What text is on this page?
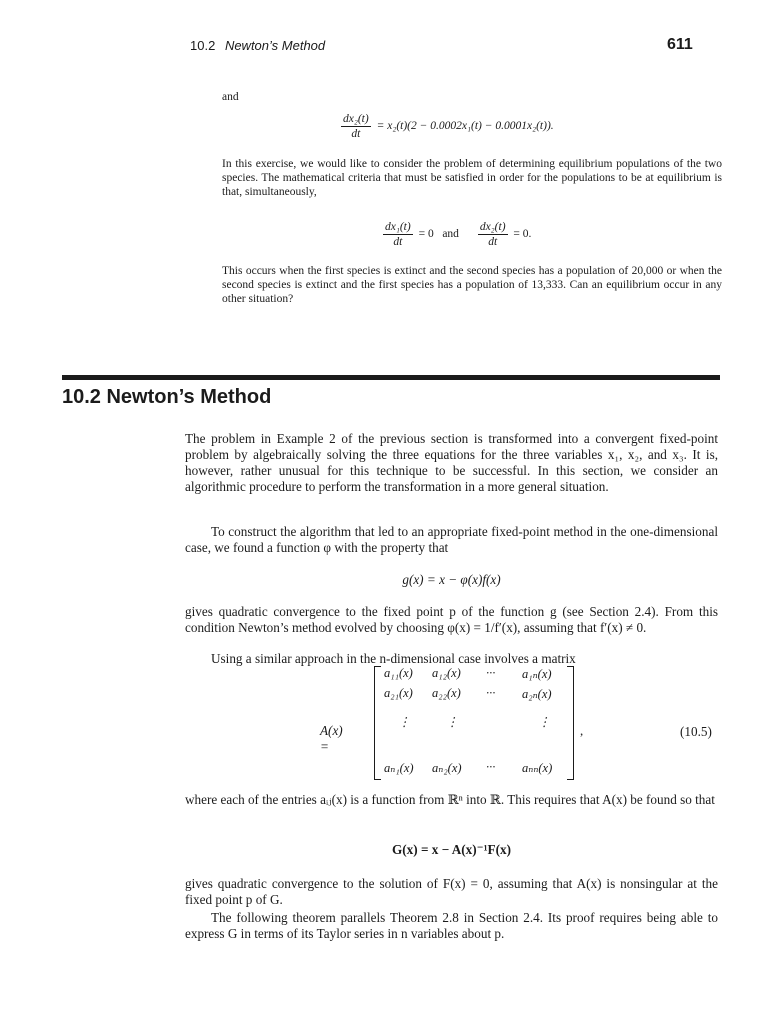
10.2 Newton’s Method	611
and
$\frac{\text{dx₂(t)}}{dt} = x_2(t)(2 - 0.0002x_1(t) - 0.0001x_2(t))$.
In this exercise, we would like to consider the problem of determining equilibrium populations of the two species. The mathematical criteria that must be satisfied in order for the populations to be at equilibrium is that, simultaneously,
$\frac{\text{dx₁(t)}}{dt} = 0$   and $\frac{\text{dx₂(t)}}{dt} = 0$.
This occurs when the first species is extinct and the second species has a population of 20,000 or when the second species is extinct and the first species has a population of 13,333. Can an equilibrium occur in any other situation?
10.2 Newton’s Method
The problem in Example 2 of the previous section is transformed into a convergent fixed-point problem by algebraically solving the three equations for the three variables x₁, x₂, and x₃. It is, however, rather unusual for this technique to be successful. In this section, we consider an algorithmic procedure to perform the transformation in a more general situation.
To construct the algorithm that led to an appropriate fixed-point method in the one-dimensional case, we found a function φ with the property that
g(x) = x − φ(x)f(x)
gives quadratic convergence to the fixed point p of the function g (see Section 2.4). From this condition Newton’s method evolved by choosing φ(x) = 1/f′(x), assuming that f′(x) ≠ 0.
Using a similar approach in the n-dimensional case involves a matrix
A(x) =
a₁₁(x) a₁₂(x) ··· a₁ₙ(x)
a₂₁(x) a₂₂(x) ··· a₂ₙ(x)
⋮	⋮	⋮
aₙ₁(x) aₙ₂(x) ··· aₙₙ(x)
,	(10.5)
where each of the entries aᵢⱼ(x) is a function from ℝⁿ into ℝ. This requires that A(x) be found so that
G(x) = x − A(x)⁻¹F(x)
gives quadratic convergence to the solution of F(x) = 0, assuming that A(x) is nonsingular at the fixed point p of G.
The following theorem parallels Theorem 2.8 in Section 2.4. Its proof requires being able to express G in terms of its Taylor series in n variables about p.
